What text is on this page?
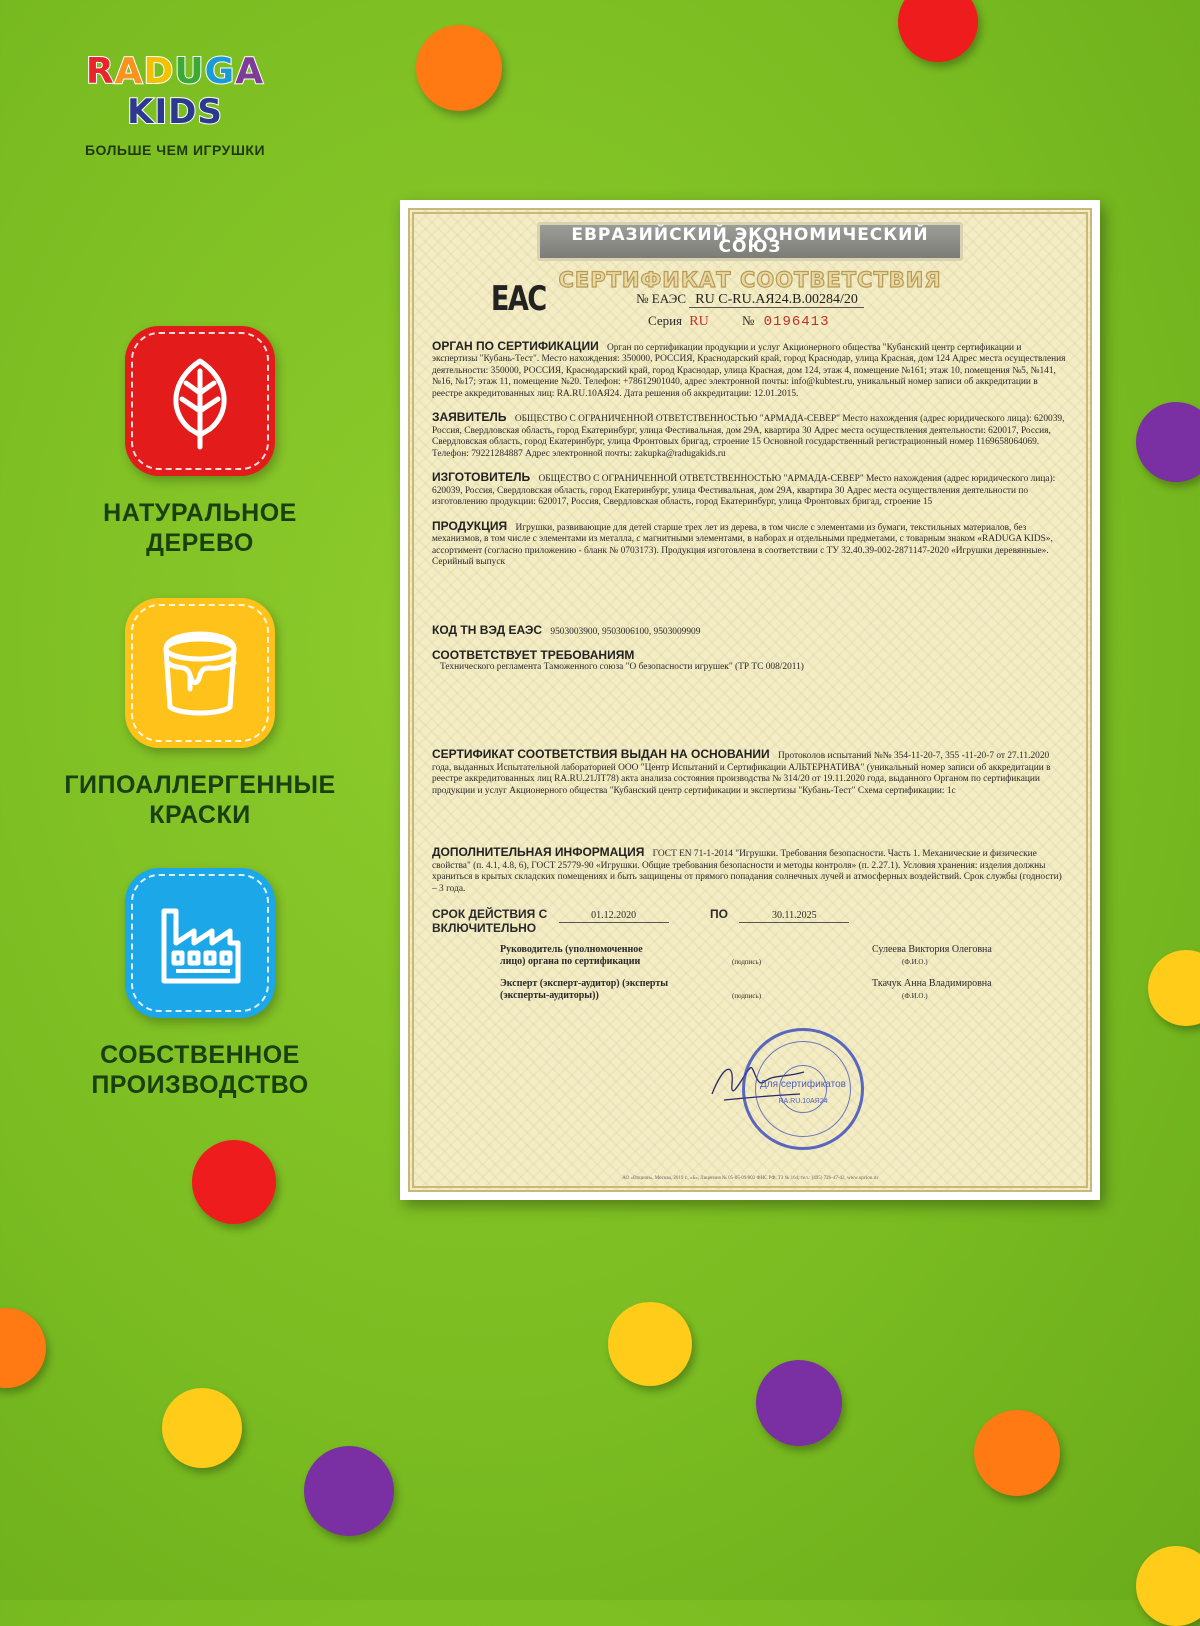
RADUGA
KIDS
БОЛЬШЕ ЧЕМ ИГРУШКИ
НАТУРАЛЬНОЕ
ДЕРЕВО
ГИПОАЛЛЕРГЕННЫЕ
КРАСКИ
СОБСТВЕННОЕ
ПРОИЗВОДСТВО
ЕВРАЗИЙСКИЙ ЭКОНОМИЧЕСКИЙ СОЮЗ
СЕРТИФИКАТ СООТВЕТСТВИЯ
ЕАС	№ ЕАЭС RU C-RU.АЯ24.В.00284/20
Серия RU	№ 0196413
ОРГАН ПО СЕРТИФИКАЦИИ Орган по сертификации продукции и услуг Акционерного общества "Кубанский центр сертификации и экспертизы "Кубань-Тест". Место нахождения: 350000, РОССИЯ, Краснодарский край, город Краснодар, улица Красная, дом 124 Адрес места осуществления деятельности: 350000, РОССИЯ, Краснодарский край, город Краснодар, улица Красная, дом 124, этаж 4, помещение №161; этаж 10, помещения №5, №141, №16, №17; этаж 11, помещение №20. Телефон: +78612901040, адрес электронной почты: info@kubtest.ru, уникальный номер записи об аккредитации в реестре аккредитованных лиц: RA.RU.10АЯ24. Дата решения об аккредитации: 12.01.2015.
ЗАЯВИТЕЛЬ ОБЩЕСТВО С ОГРАНИЧЕННОЙ ОТВЕТСТВЕННОСТЬЮ "АРМАДА-СЕВЕР" Место нахождения (адрес юридического лица): 620039, Россия, Свердловская область, город Екатеринбург, улица Фестивальная, дом 29А, квартира 30 Адрес места осуществления деятельности: 620017, Россия, Свердловская область, город Екатеринбург, улица Фронтовых бригад, строение 15 Основной государственный регистрационный номер 1169658064069. Телефон: 79221284887 Адрес электронной почты: zakupka@radugakids.ru
ИЗГОТОВИТЕЛЬ ОБЩЕСТВО С ОГРАНИЧЕННОЙ ОТВЕТСТВЕННОСТЬЮ "АРМАДА-СЕВЕР" Место нахождения (адрес юридического лица): 620039, Россия, Свердловская область, город Екатеринбург, улица Фестивальная, дом 29А, квартира 30 Адрес места осуществления деятельности по изготовлению продукции: 620017, Россия, Свердловская область, город Екатеринбург, улица Фронтовых бригад, строение 15
ПРОДУКЦИЯ Игрушки, развивающие для детей старше трех лет из дерева, в том числе с элементами из бумаги, текстильных материалов, без механизмов, в том числе с элементами из металла, с магнитными элементами, в наборах и отдельными предметами, с товарным знаком «RADUGA KIDS», ассортимент (согласно приложению - бланк № 0703173). Продукция изготовлена в соответствии с ТУ 32.40.39-002-2871147-2020 «Игрушки деревянные». Серийный выпуск
КОД ТН ВЭД ЕАЭС 9503003900, 9503006100, 9503009909
СООТВЕТСТВУЕТ ТРЕБОВАНИЯМ
Технического регламента Таможенного союза "О безопасности игрушек" (ТР ТС 008/2011)
СЕРТИФИКАТ СООТВЕТСТВИЯ ВЫДАН НА ОСНОВАНИИ Протоколов испытаний №№ 354-11-20-7, 355 -11-20-7 от 27.11.2020 года, выданных Испытательной лабораторией ООО "Центр Испытаний и Сертификации АЛЬТЕРНАТИВА" (уникальный номер записи об аккредитации в реестре аккредитованных лиц RA.RU.21ЛТ78) акта анализа состояния производства № 314/20 от 19.11.2020 года, выданного Органом по сертификации продукции и услуг Акционерного общества "Кубанский центр сертификации и экспертизы "Кубань-Тест" Схема сертификации: 1с
ДОПОЛНИТЕЛЬНАЯ ИНФОРМАЦИЯ ГОСТ EN 71-1-2014 "Игрушки. Требования безопасности. Часть 1. Механические и физические свойства" (п. 4.1, 4.8, 6), ГОСТ 25779-90 «Игрушки. Общие требования безопасности и методы контроля» (п. 2.27.1). Условия хранения: изделия должны храниться в крытых складских помещениях и быть защищены от прямого попадания солнечных лучей и атмосферных воздействий. Срок службы (годности) – 3 года.
СРОК ДЕЙСТВИЯ С	01.12.2020	ПО	30.11.2025
ВКЛЮЧИТЕЛЬНО
Руководитель (уполномоченное лицо) органа по сертификации	(подпись)
Сулеева Виктория Олеговна
(Ф.И.О.)
Эксперт (эксперт-аудитор) (эксперты (эксперты-аудиторы))	(подпись)
Ткачук Анна Владимировна
(Ф.И.О.)
АО «Опцион», Москва, 2019 г., «Б», Лицензия № 05-05-09/003 ФНС РФ, ТЗ № 164; тел.: (495) 726-47-42, www.opcion.ru
Для сертификатов
RA.RU.10АЯ24
